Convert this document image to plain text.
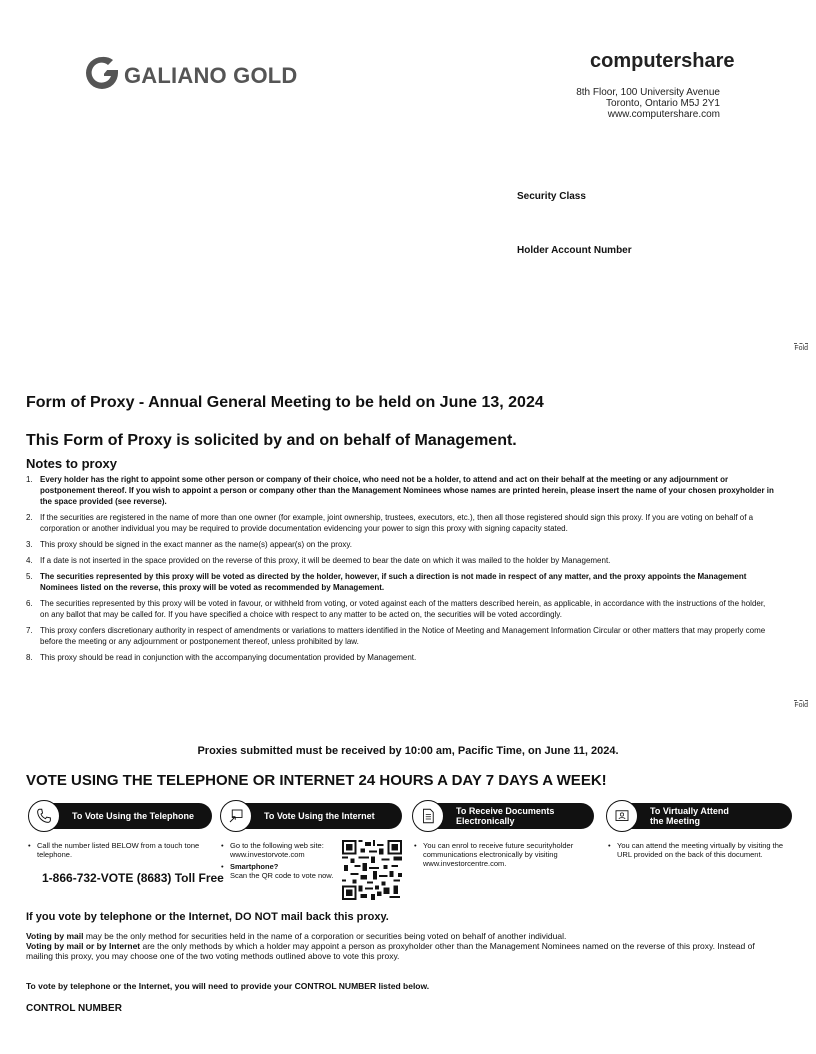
GALIANO GOLD
computershare
8th Floor, 100 University Avenue
Toronto, Ontario M5J 2Y1
www.computershare.com
Security Class
Holder Account Number
Fold
Form of Proxy - Annual General Meeting to be held on June 13, 2024
This Form of Proxy is solicited by and on behalf of Management.
Notes to proxy
1. Every holder has the right to appoint some other person or company of their choice, who need not be a holder, to attend and act on their behalf at the meeting or any adjournment or postponement thereof. If you wish to appoint a person or company other than the Management Nominees whose names are printed herein, please insert the name of your chosen proxyholder in the space provided (see reverse).
2. If the securities are registered in the name of more than one owner (for example, joint ownership, trustees, executors, etc.), then all those registered should sign this proxy. If you are voting on behalf of a corporation or another individual you may be required to provide documentation evidencing your power to sign this proxy with signing capacity stated.
3. This proxy should be signed in the exact manner as the name(s) appear(s) on the proxy.
4. If a date is not inserted in the space provided on the reverse of this proxy, it will be deemed to bear the date on which it was mailed to the holder by Management.
5. The securities represented by this proxy will be voted as directed by the holder, however, if such a direction is not made in respect of any matter, and the proxy appoints the Management Nominees listed on the reverse, this proxy will be voted as recommended by Management.
6. The securities represented by this proxy will be voted in favour, or withheld from voting, or voted against each of the matters described herein, as applicable, in accordance with the instructions of the holder, on any ballot that may be called for. If you have specified a choice with respect to any matter to be acted on, the securities will be voted accordingly.
7. This proxy confers discretionary authority in respect of amendments or variations to matters identified in the Notice of Meeting and Management Information Circular or other matters that may properly come before the meeting or any adjournment or postponement thereof, unless prohibited by law.
8. This proxy should be read in conjunction with the accompanying documentation provided by Management.
Fold
Proxies submitted must be received by 10:00 am, Pacific Time, on June 11, 2024.
VOTE USING THE TELEPHONE OR INTERNET 24 HOURS A DAY 7 DAYS A WEEK!
To Vote Using the Telephone
• Call the number listed BELOW from a touch tone telephone.
1-866-732-VOTE (8683) Toll Free
To Vote Using the Internet
• Go to the following web site: www.investorvote.com
• Smartphone?
Scan the QR code to vote now.
To Receive Documents
Electronically
• You can enrol to receive future securityholder communications electronically by visiting www.investorcentre.com.
To Virtually Attend
the Meeting
• You can attend the meeting virtually by visiting the URL provided on the back of this document.
If you vote by telephone or the Internet, DO NOT mail back this proxy.
Voting by mail may be the only method for securities held in the name of a corporation or securities being voted on behalf of another individual.
Voting by mail or by Internet are the only methods by which a holder may appoint a person as proxyholder other than the Management Nominees named on the reverse of this proxy. Instead of mailing this proxy, you may choose one of the two voting methods outlined above to vote this proxy.
To vote by telephone or the Internet, you will need to provide your CONTROL NUMBER listed below.
CONTROL NUMBER
